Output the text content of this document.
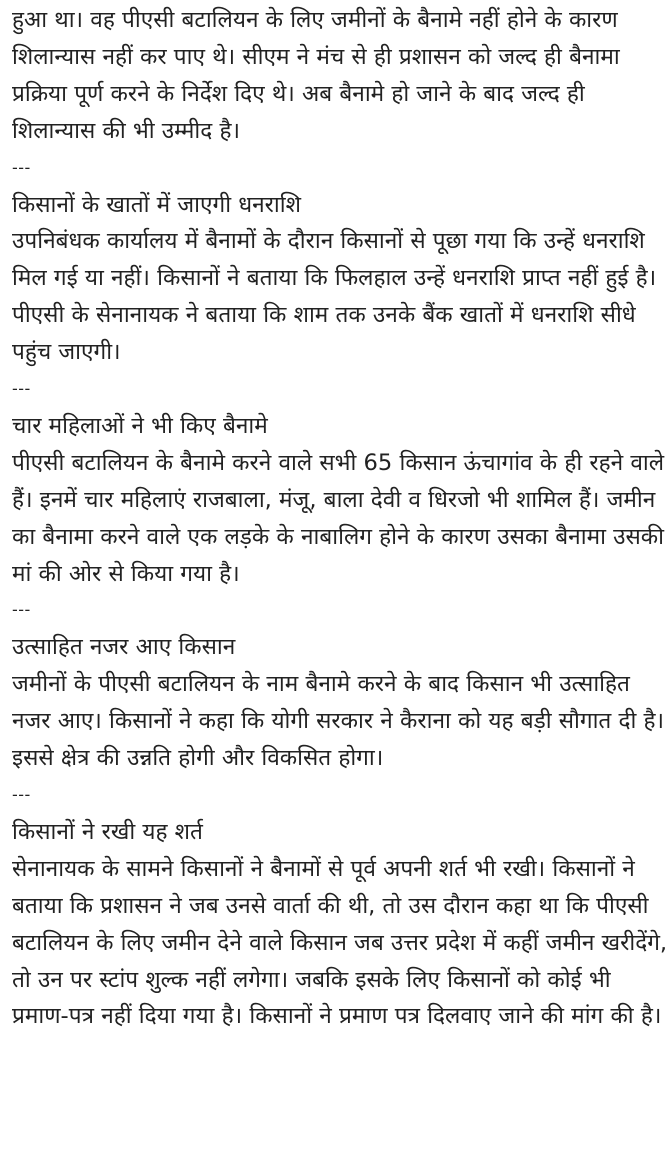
हुआ था। वह पीएसी बटालियन के लिए जमीनों के बैनामे नहीं होने के कारण शिलान्यास नहीं कर पाए थे। सीएम ने मंच से ही प्रशासन को जल्द ही बैनामा प्रक्रिया पूर्ण करने के निर्देश दिए थे। अब बैनामे हो जाने के बाद जल्द ही शिलान्यास की भी उम्मीद है।

---
किसानों के खातों में जाएगी धनराशि

उपनिबंधक कार्यालय में बैनामों के दौरान किसानों से पूछा गया कि उन्हें धनराशि मिल गई या नहीं। किसानों ने बताया कि फिलहाल उन्हें धनराशि प्राप्त नहीं हुई है। पीएसी के सेनानायक ने बताया कि शाम तक उनके बैंक खातों में धनराशि सीधे पहुंच जाएगी।

---
चार महिलाओं ने भी किए बैनामे

पीएसी बटालियन के बैनामे करने वाले सभी 65 किसान ऊंचागांव के ही रहने वाले हैं। इनमें चार महिलाएं राजबाला, मंजू, बाला देवी व धिरजो भी शामिल हैं। जमीन का बैनामा करने वाले एक लड़के के नाबालिग होने के कारण उसका बैनामा उसकी मां की ओर से किया गया है।

---
उत्साहित नजर आए किसान

जमीनों के पीएसी बटालियन के नाम बैनामे करने के बाद किसान भी उत्साहित नजर आए। किसानों ने कहा कि योगी सरकार ने कैराना को यह बड़ी सौगात दी है। इससे क्षेत्र की उन्नति होगी और विकसित होगा।

---
किसानों ने रखी यह शर्त

सेनानायक के सामने किसानों ने बैनामों से पूर्व अपनी शर्त भी रखी। किसानों ने बताया कि प्रशासन ने जब उनसे वार्ता की थी, तो उस दौरान कहा था कि पीएसी बटालियन के लिए जमीन देने वाले किसान जब उत्तर प्रदेश में कहीं जमीन खरीदेंगे, तो उन पर स्टांप शुल्क नहीं लगेगा। जबकि इसके लिए किसानों को कोई भी प्रमाण-पत्र नहीं दिया गया है। किसानों ने प्रमाण पत्र दिलवाए जाने की मांग की है।
